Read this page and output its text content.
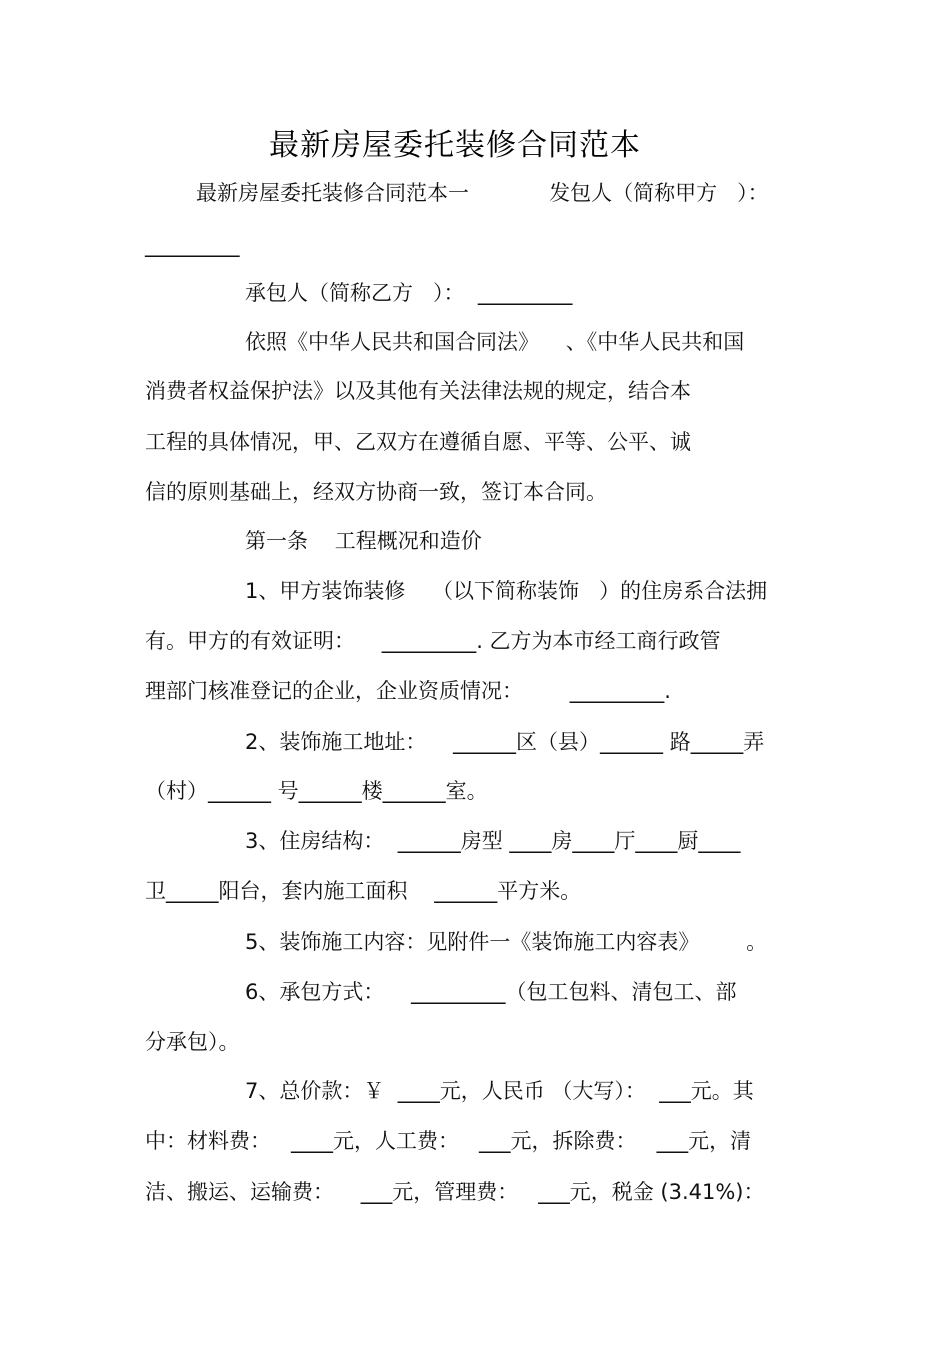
最新房屋委托装修合同范本
最新房屋委托装修合同范本一            发包人（简称甲方   ）：
_________
承包人（简称乙方   ）：  _________
依照《中华人民共和国合同法》    、《中华人民共和国
消费者权益保护法》以及其他有关法律法规的规定，结合本
工程的具体情况，甲、乙双方在遵循自愿、平等、公平、诚
信的原则基础上，经双方协商一致，签订本合同。
第一条    工程概况和造价
1、甲方装饰装修    （以下简称装饰   ）的住房系合法拥
有。甲方的有效证明：    _________. 乙方为本市经工商行政管
理部门核准登记的企业，企业资质情况：       _________.
2、装饰施工地址：    ______区（县）______ 路_____弄
（村）______ 号______楼______室。
3、住房结构：  ______房型 ____房____厅____厨____
卫_____阳台，套内施工面积    ______平方米。
5、装饰施工内容：见附件一《装饰施工内容表》       。
6、承包方式：    _________（包工包料、清包工、部
分承包）。
7、总价款：￥  ____元，人民币 （大写）：  ___元。其
中：材料费：   ____元，人工费：   ___元，拆除费：   ___元，清
洁、搬运、运输费：    ___元，管理费：   ___元，税金 (3.41%)：
